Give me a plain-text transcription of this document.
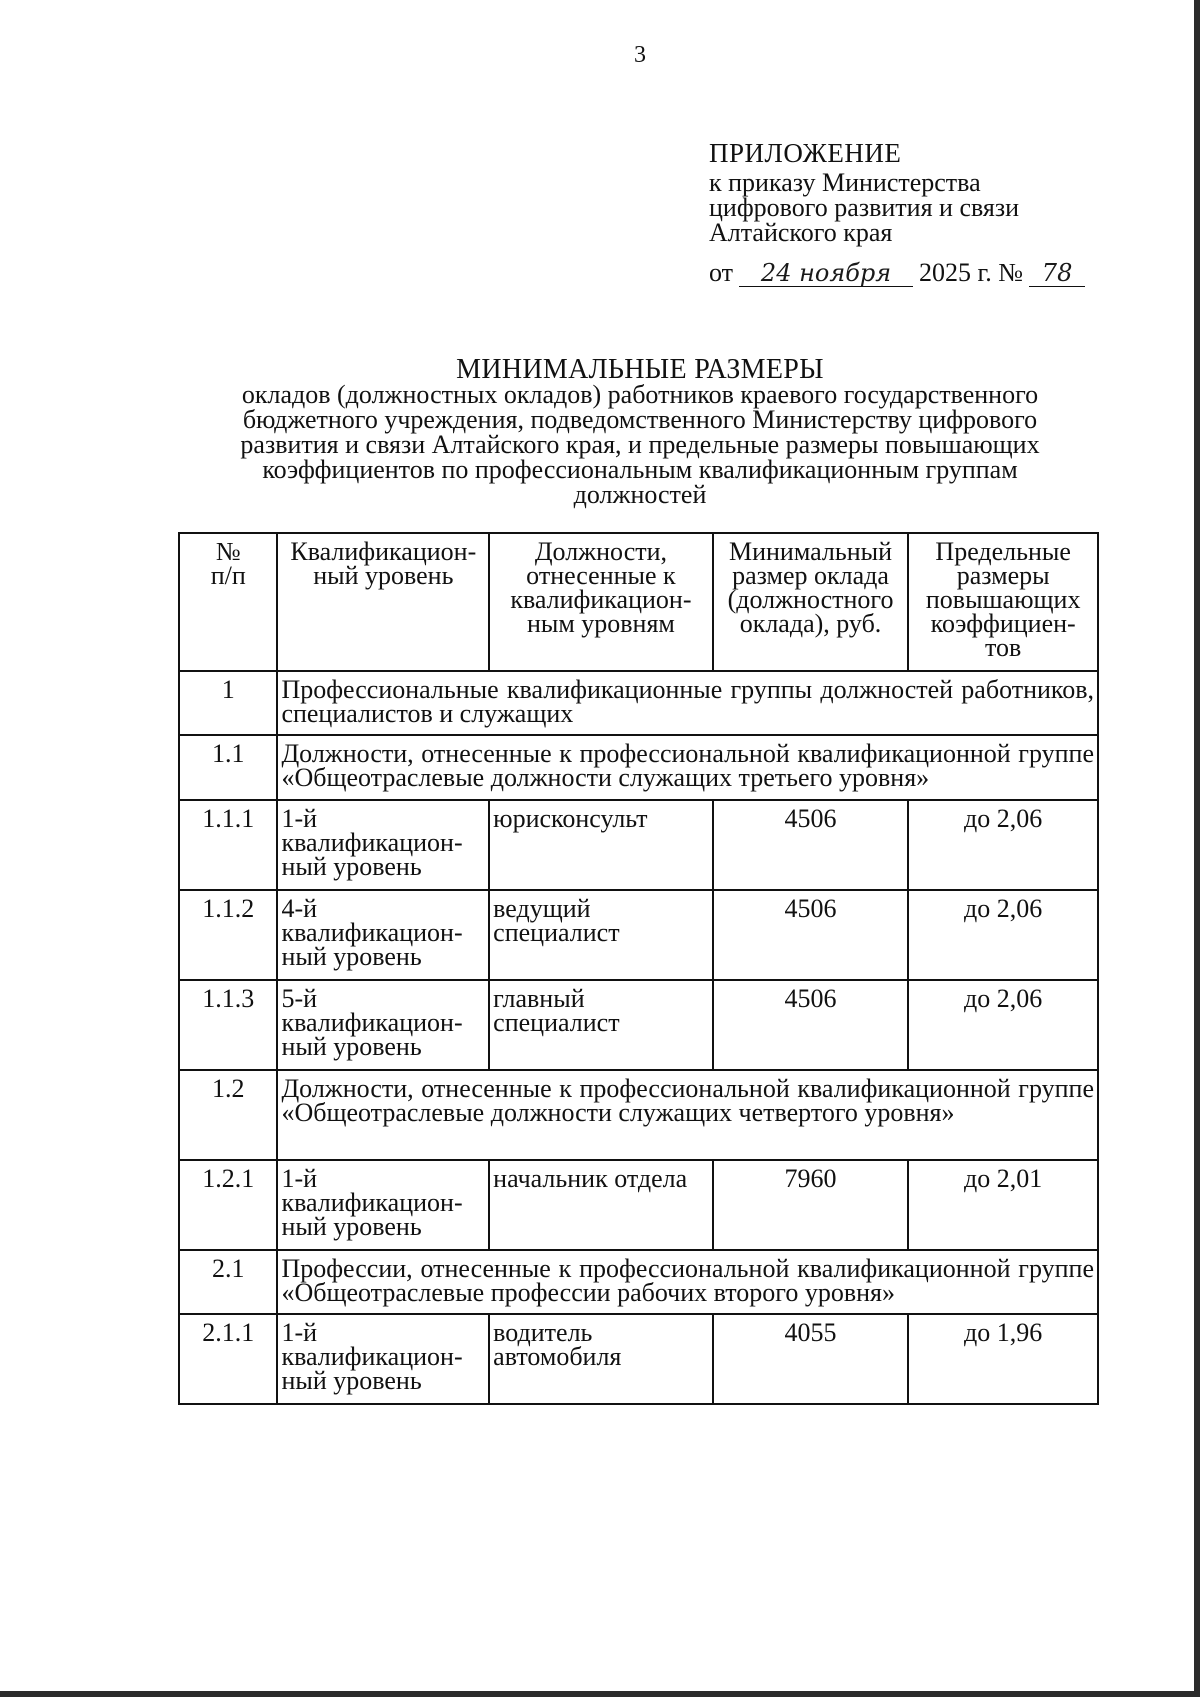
3
ПРИЛОЖЕНИЕ
к приказу Министерства
цифрового развития и связи
Алтайского края
от 24 ноября 2025 г. № 78
МИНИМАЛЬНЫЕ РАЗМЕРЫ
окладов (должностных окладов) работников краевого государственного
бюджетного учреждения, подведомственного Министерству цифрового
развития и связи Алтайского края, и предельные размеры повышающих
коэффициентов по профессиональным квалификационным группам
должностей
№
п/п	Квалификацион-
ный уровень	Должности,
отнесенные к
квалификацион-
ным уровням	Минимальный
размер оклада
(должностного
оклада), руб.	Предельные
размеры
повышающих
коэффициен-
тов
1	Профессиональные квалификационные группы должностей работников, специалистов и служащих			
1.1	Должности, отнесенные к профессиональной квалификационной группе «Общеотраслевые должности служащих третьего уровня»			
1.1.1	1-й
квалификацион-
ный уровень	юрисконсульт	4506	до 2,06
1.1.2	4-й
квалификацион-
ный уровень	ведущий
специалист	4506	до 2,06
1.1.3	5-й
квалификацион-
ный уровень	главный
специалист	4506	до 2,06
1.2	Должности, отнесенные к профессиональной квалификационной группе «Общеотраслевые должности служащих четвертого уровня»			
1.2.1	1-й
квалификацион-
ный уровень	начальник отдела	7960	до 2,01
2.1	Профессии, отнесенные к профессиональной квалификационной группе «Общеотраслевые профессии рабочих второго уровня»			
2.1.1	1-й
квалификацион-
ный уровень	водитель
автомобиля	4055	до 1,96
